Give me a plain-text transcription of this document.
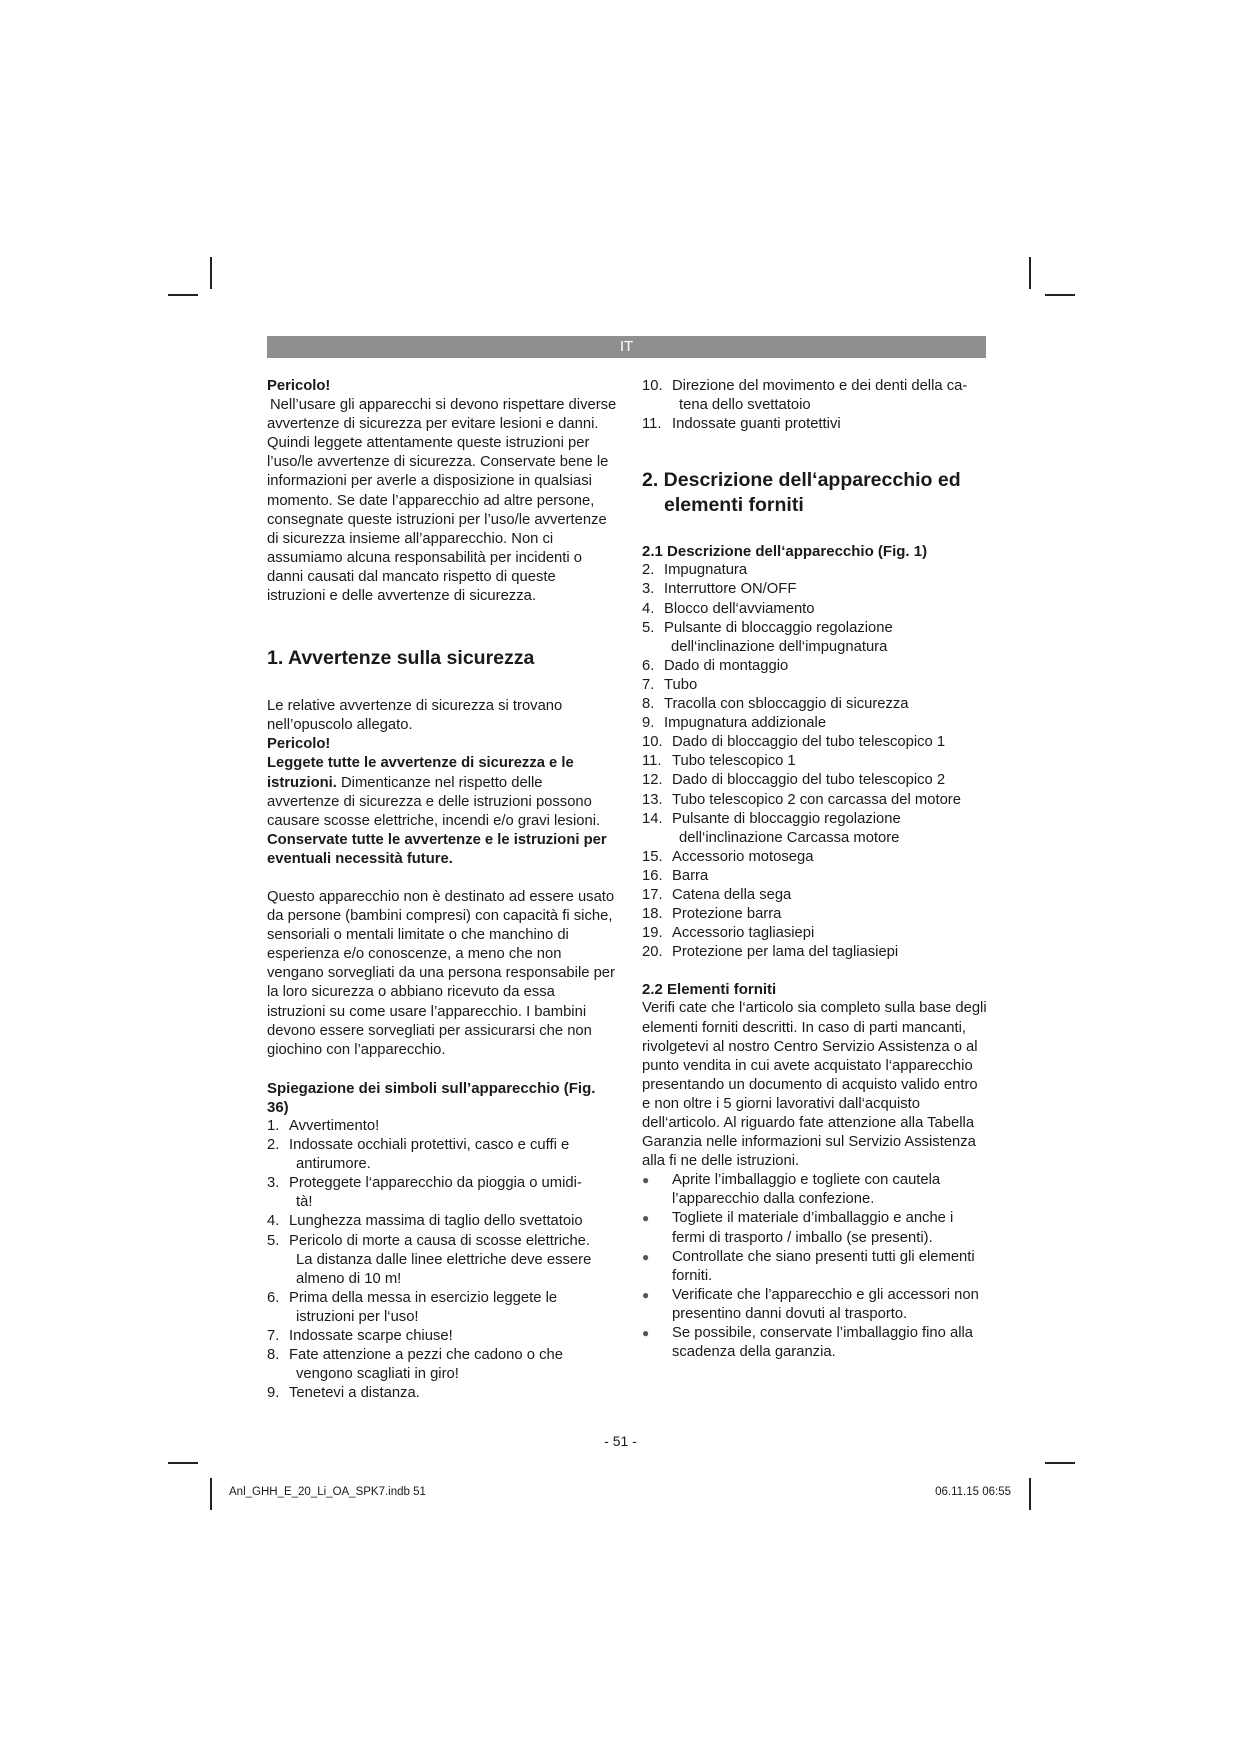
IT

Pericolo!

Nell’usare gli apparecchi si devono rispettare diverse avvertenze di sicurezza per evitare lesioni e danni. Quindi leggete attentamente queste istruzioni per l’uso/le avvertenze di sicurezza. Conservate bene le informazioni per averle a disposizione in qualsiasi momento. Se date l’apparecchio ad altre persone, consegnate queste istruzioni per l’uso/le avvertenze di sicurezza insieme all’apparecchio. Non ci assumiamo alcuna responsabilità per incidenti o danni causati dal mancato rispetto di queste istruzioni e delle avvertenze di sicurezza.

1. Avvertenze sulla sicurezza

Le relative avvertenze di sicurezza si trovano nell’opuscolo allegato.

Pericolo!

Leggete tutte le avvertenze di sicurezza e le istruzioni. Dimenticanze nel rispetto delle avvertenze di sicurezza e delle istruzioni possono causare scosse elettriche, incendi e/o gravi lesioni.

Conservate tutte le avvertenze e le istruzioni per eventuali necessità future.

Questo apparecchio non è destinato ad essere usato da persone (bambini compresi) con capacità fi siche, sensoriali o mentali limitate o che manchino di esperienza e/o conoscenze, a meno che non vengano sorvegliati da una persona responsabile per la loro sicurezza o abbiano ricevuto da essa istruzioni su come usare l’apparecchio. I bambini devono essere sorvegliati per assicurarsi che non giochino con l’apparecchio.

Spiegazione dei simboli sull’apparecchio (Fig. 36)

1. Avvertimento!
2. Indossate occhiali protettivi, casco e cuffi e
antirumore.
3. Proteggete l‘apparecchio da pioggia o umidi-
tà!
4. Lunghezza massima di taglio dello svettatoio
5. Pericolo di morte a causa di scosse elettriche.
La distanza dalle linee elettriche deve essere almeno di 10 m!
6. Prima della messa in esercizio leggete le
istruzioni per l‘uso!
7. Indossate scarpe chiuse!
8. Fate attenzione a pezzi che cadono o che
vengono scagliati in giro!
9. Tenetevi a distanza.
10. Direzione del movimento e dei denti della ca-
tena dello svettatoio
11. Indossate guanti protettivi

2. Descrizione dell‘apparecchio ed elementi forniti

2.1 Descrizione dell‘apparecchio (Fig. 1)

2. Impugnatura
3. Interruttore ON/OFF
4. Blocco dell‘avviamento
5. Pulsante di bloccaggio regolazione
dell‘inclinazione dell‘impugnatura
6. Dado di montaggio
7. Tubo
8. Tracolla con sbloccaggio di sicurezza
9. Impugnatura addizionale
10. Dado di bloccaggio del tubo telescopico 1
11. Tubo telescopico 1
12. Dado di bloccaggio del tubo telescopico 2
13. Tubo telescopico 2 con carcassa del motore
14. Pulsante di bloccaggio regolazione
dell‘inclinazione Carcassa motore
15. Accessorio motosega
16. Barra
17. Catena della sega
18. Protezione barra
19. Accessorio tagliasiepi
20. Protezione per lama del tagliasiepi

2.2 Elementi forniti

Verifi cate che l‘articolo sia completo sulla base degli elementi forniti descritti. In caso di parti mancanti, rivolgetevi al nostro Centro Servizio Assistenza o al punto vendita in cui avete acquistato l‘apparecchio presentando un documento di acquisto valido entro e non oltre i 5 giorni lavorativi dall‘acquisto dell‘articolo. Al riguardo fate attenzione alla Tabella Garanzia nelle informazioni sul Servizio Assistenza alla fi ne delle istruzioni.

● Aprite l’imballaggio e togliete con cautela l’apparecchio dalla confezione.
● Togliete il materiale d’imballaggio e anche i fermi di trasporto / imballo (se presenti).
● Controllate che siano presenti tutti gli elementi forniti.
● Verificate che l’apparecchio e gli accessori non presentino danni dovuti al trasporto.
● Se possibile, conservate l’imballaggio fino alla scadenza della garanzia.
- 51 -
Anl_GHH_E_20_Li_OA_SPK7.indb 51	06.11.15 06:55
